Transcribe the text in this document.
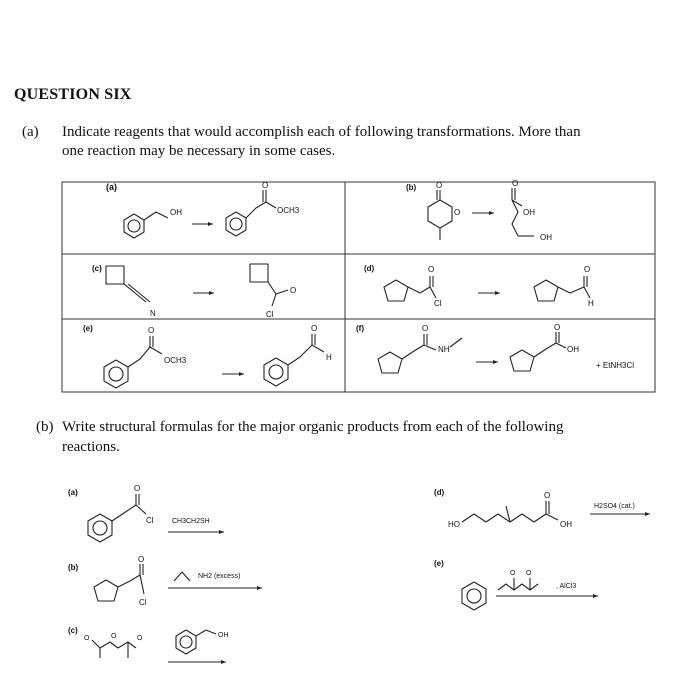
QUESTION SIX
(a) Indicate reagents that would accomplish each of following transformations. More than
one reaction may be necessary in some cases.
(a)	(b)
(c)	(d)
(e)	(f)
OH
O
OCH3
O
O
O
OH
OH
N	Cl
O
O
Cl
O
H
O
OCH3
O
H
O
NH
O
OH
+ EtNH3Cl
(a)
(b)
(c)
(d)
(e)
O
Cl	CH3CH2SH
O
Cl
NH2 (excess)
O	O	O	OH
HO
O
OH
H2SO4 (cat.)
O O
, AlCl3
(b) Write structural formulas for the major organic products from each of the following
reactions.
